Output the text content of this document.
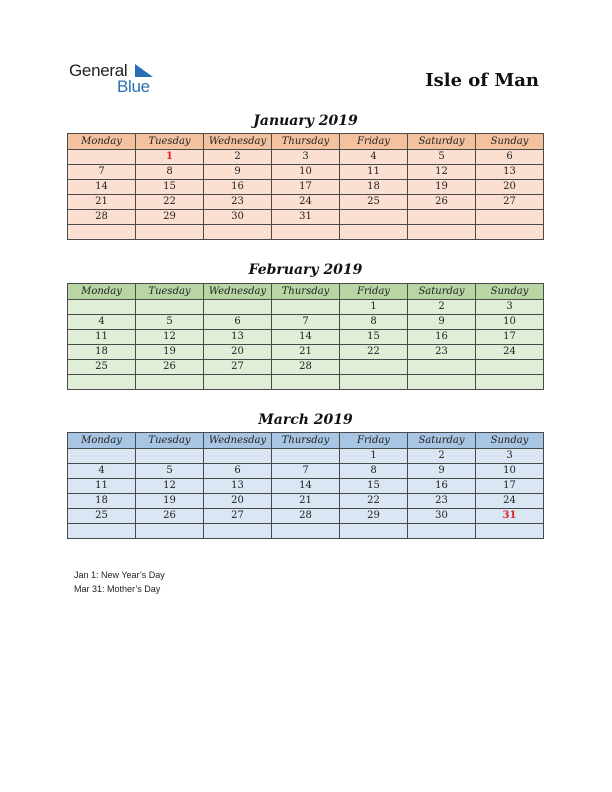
General
Blue	Isle of Man
January 2019
Monday	Tuesday	Wednesday	Thursday	Friday	Saturday	Sunday
	1	2	3	4	5	6
7	8	9	10	11	12	13
14	15	16	17	18	19	20
21	22	23	24	25	26	27
28	29	30	31			

February 2019
Monday	Tuesday	Wednesday	Thursday	Friday	Saturday	Sunday
				1	2	3
4	5	6	7	8	9	10
11	12	13	14	15	16	17
18	19	20	21	22	23	24
25	26	27	28			

March 2019
Monday	Tuesday	Wednesday	Thursday	Friday	Saturday	Sunday
				1	2	3
4	5	6	7	8	9	10
11	12	13	14	15	16	17
18	19	20	21	22	23	24
25	26	27	28	29	30	31

Jan 1: New Year’s Day
Mar 31: Mother’s Day
